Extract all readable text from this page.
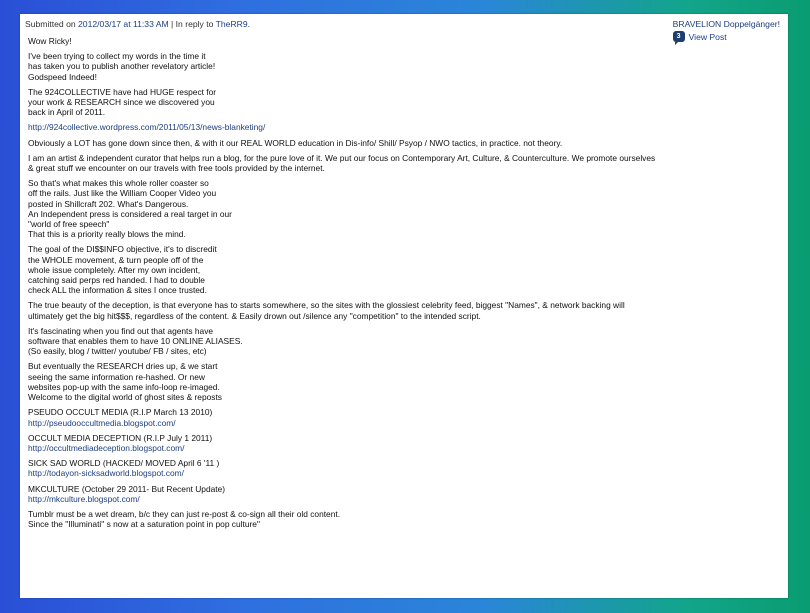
Submitted on 2012/03/17 at 11:33 AM | In reply to TheRR9.	BRAVELION Doppelgänger!
3 View Post

Wow Ricky!

I've been trying to collect my words in the time it
has taken you to publish another revelatory article!
Godspeed Indeed!

The 924COLLECTIVE have had HUGE respect for
your work & RESEARCH since we discovered you
back in April of 2011.

http://924collective.wordpress.com/2011/05/13/news-blanketing/

Obviously a LOT has gone down since then, & with it our REAL WORLD education in Dis-info/ Shill/ Psyop / NWO tactics, in practice. not theory.

I am an artist & independent curator that helps run a blog, for the pure love of it. We put our focus on Contemporary Art, Culture, & Counterculture. We promote ourselves
& great stuff we encounter on our travels with free tools provided by the internet.

So that's what makes this whole roller coaster so
off the rails. Just like the William Cooper Video you
posted in Shillcraft 202. What's Dangerous.
An Independent press is considered a real target in our
"world of free speech"
That this is a priority really blows the mind.

The goal of the DI$$INFO objective, it's to discredit
the WHOLE movement, & turn people off of the
whole issue completely. After my own incident,
catching said perps red handed. I had to double
check ALL the information & sites I once trusted.

The true beauty of the deception, is that everyone has to starts somewhere, so the sites with the glossiest celebrity feed, biggest "Names", & network backing will
ultimately get the big hit$$$, regardless of the content. & Easily drown out /silence any "competition" to the intended script.

It's fascinating when you find out that agents have
software that enables them to have 10 ONLINE ALIASES.
(So easily, blog / twitter/ youtube/ FB / sites, etc)

But eventually the RESEARCH dries up, & we start
seeing the same information re-hashed. Or new
websites pop-up with the same info-loop re-imaged.
Welcome to the digital world of ghost sites & reposts

PSEUDO OCCULT MEDIA (R.I.P March 13 2010)
http://pseudooccultmedia.blogspot.com/

OCCULT MEDIA DECEPTION (R.I.P July 1 2011)
http://occultmediadeception.blogspot.com/

SICK SAD WORLD (HACKED/ MOVED April 6 '11 )
http://todayon-sicksadworld.blogspot.com/

MKCULTURE (October 29 2011- But Recent Update)
http://mkculture.blogspot.com/

Tumblr must be a wet dream, b/c they can just re-post & co-sign all their old content.
Since the "Illuminati" s now at a saturation point in pop culture"
